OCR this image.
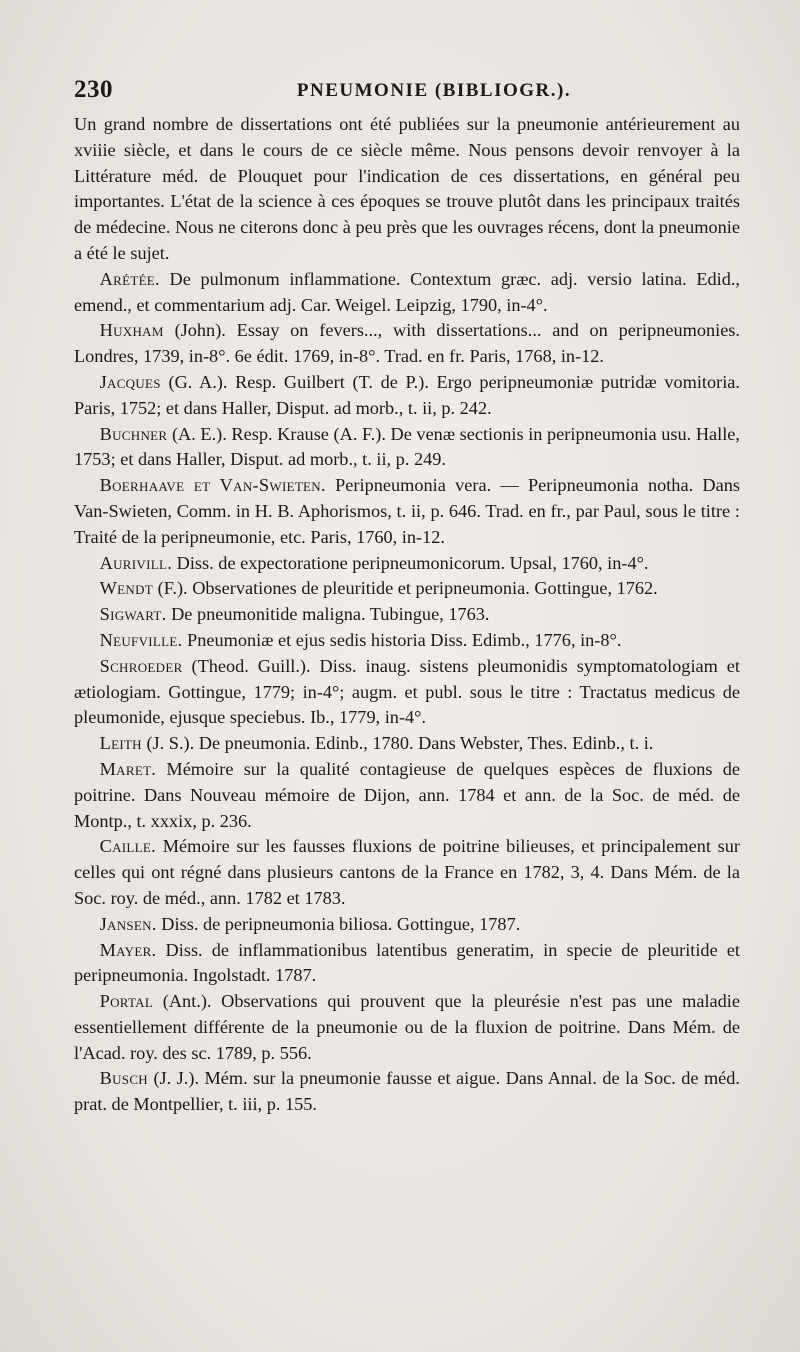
230	PNEUMONIE (BIBLIOGR.).

Un grand nombre de dissertations ont été publiées sur la pneumonie antérieurement au xviiie siècle, et dans le cours de ce siècle même. Nous pensons devoir renvoyer à la Littérature méd. de Plouquet pour l'indication de ces dissertations, en général peu importantes. L'état de la science à ces époques se trouve plutôt dans les principaux traités de médecine. Nous ne citerons donc à peu près que les ouvrages récens, dont la pneumonie a été le sujet.

Arétée. De pulmonum inflammatione. Contextum græc. adj. versio latina. Edid., emend., et commentarium adj. Car. Weigel. Leipzig, 1790, in-4°.

Huxham (John). Essay on fevers..., with dissertations... and on peripneumonies. Londres, 1739, in-8°. 6e édit. 1769, in-8°. Trad. en fr. Paris, 1768, in-12.

Jacques (G. A.). Resp. Guilbert (T. de P.). Ergo peripneumoniæ putridæ vomitoria. Paris, 1752; et dans Haller, Disput. ad morb., t. ii, p. 242.

Buchner (A. E.). Resp. Krause (A. F.). De venæ sectionis in peripneumonia usu. Halle, 1753; et dans Haller, Disput. ad morb., t. ii, p. 249.

Boerhaave et Van-Swieten. Peripneumonia vera. — Peripneumonia notha. Dans Van-Swieten, Comm. in H. B. Aphorismos, t. ii, p. 646. Trad. en fr., par Paul, sous le titre : Traité de la peripneumonie, etc. Paris, 1760, in-12.

Aurivill. Diss. de expectoratione peripneumonicorum. Upsal, 1760, in-4°.

Wendt (F.). Observationes de pleuritide et peripneumonia. Gottingue, 1762.

Sigwart. De pneumonitide maligna. Tubingue, 1763.

Neufville. Pneumoniæ et ejus sedis historia Diss. Edimb., 1776, in-8°.

Schroeder (Theod. Guill.). Diss. inaug. sistens pleumonidis symptomatologiam et ætiologiam. Gottingue, 1779; in-4°; augm. et publ. sous le titre : Tractatus medicus de pleumonide, ejusque speciebus. Ib., 1779, in-4°.

Leith (J. S.). De pneumonia. Edinb., 1780. Dans Webster, Thes. Edinb., t. i.

Maret. Mémoire sur la qualité contagieuse de quelques espèces de fluxions de poitrine. Dans Nouveau mémoire de Dijon, ann. 1784 et ann. de la Soc. de méd. de Montp., t. xxxix, p. 236.

Caille. Mémoire sur les fausses fluxions de poitrine bilieuses, et principalement sur celles qui ont régné dans plusieurs cantons de la France en 1782, 3, 4. Dans Mém. de la Soc. roy. de méd., ann. 1782 et 1783.

Jansen. Diss. de peripneumonia biliosa. Gottingue, 1787.

Mayer. Diss. de inflammationibus latentibus generatim, in specie de pleuritide et peripneumonia. Ingolstadt. 1787.

Portal (Ant.). Observations qui prouvent que la pleurésie n'est pas une maladie essentiellement différente de la pneumonie ou de la fluxion de poitrine. Dans Mém. de l'Acad. roy. des sc. 1789, p. 556.

Busch (J. J.). Mém. sur la pneumonie fausse et aigue. Dans Annal. de la Soc. de méd. prat. de Montpellier, t. iii, p. 155.
